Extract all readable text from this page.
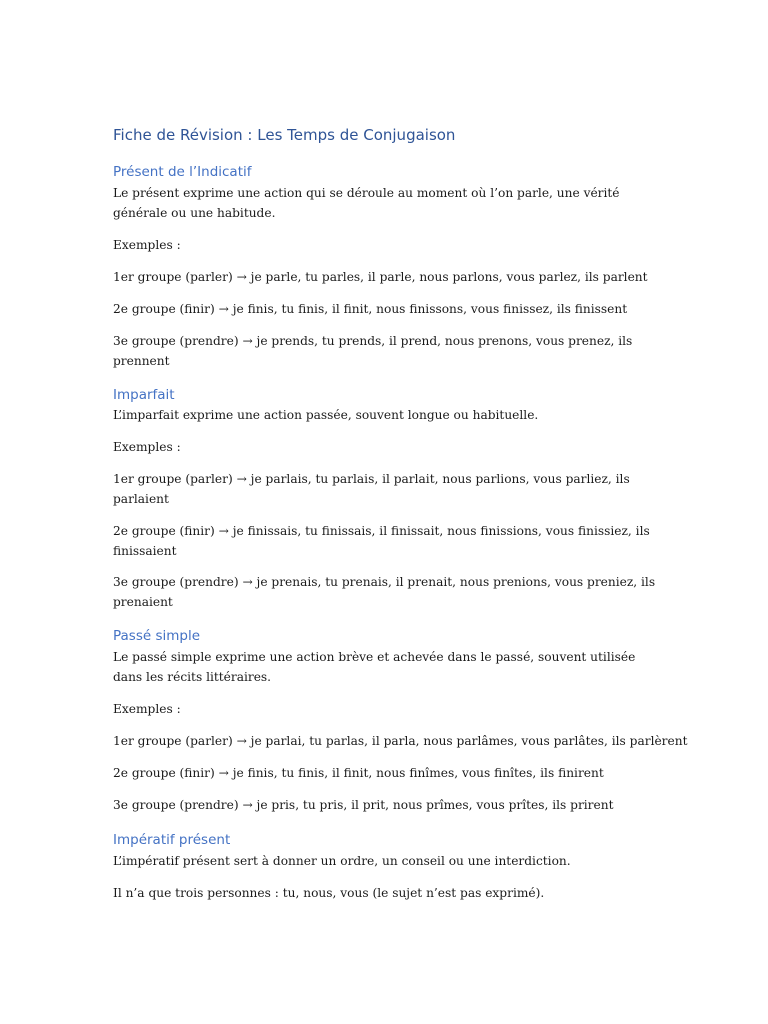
Fiche de Révision : Les Temps de Conjugaison
Présent de l’Indicatif

Le présent exprime une action qui se déroule au moment où l’on parle, une vérité générale ou une habitude.

Exemples :

1er groupe (parler) → je parle, tu parles, il parle, nous parlons, vous parlez, ils parlent

2e groupe (finir) → je finis, tu finis, il finit, nous finissons, vous finissez, ils finissent

3e groupe (prendre) → je prends, tu prends, il prend, nous prenons, vous prenez, ils prennent

Imparfait

L’imparfait exprime une action passée, souvent longue ou habituelle.

Exemples :

1er groupe (parler) → je parlais, tu parlais, il parlait, nous parlions, vous parliez, ils parlaient

2e groupe (finir) → je finissais, tu finissais, il finissait, nous finissions, vous finissiez, ils finissaient

3e groupe (prendre) → je prenais, tu prenais, il prenait, nous prenions, vous preniez, ils prenaient

Passé simple

Le passé simple exprime une action brève et achevée dans le passé, souvent utilisée dans les récits littéraires.

Exemples :

1er groupe (parler) → je parlai, tu parlas, il parla, nous parlâmes, vous parlâtes, ils parlèrent

2e groupe (finir) → je finis, tu finis, il finit, nous finîmes, vous finîtes, ils finirent

3e groupe (prendre) → je pris, tu pris, il prit, nous prîmes, vous prîtes, ils prirent

Impératif présent

L’impératif présent sert à donner un ordre, un conseil ou une interdiction.

Il n’a que trois personnes : tu, nous, vous (le sujet n’est pas exprimé).
